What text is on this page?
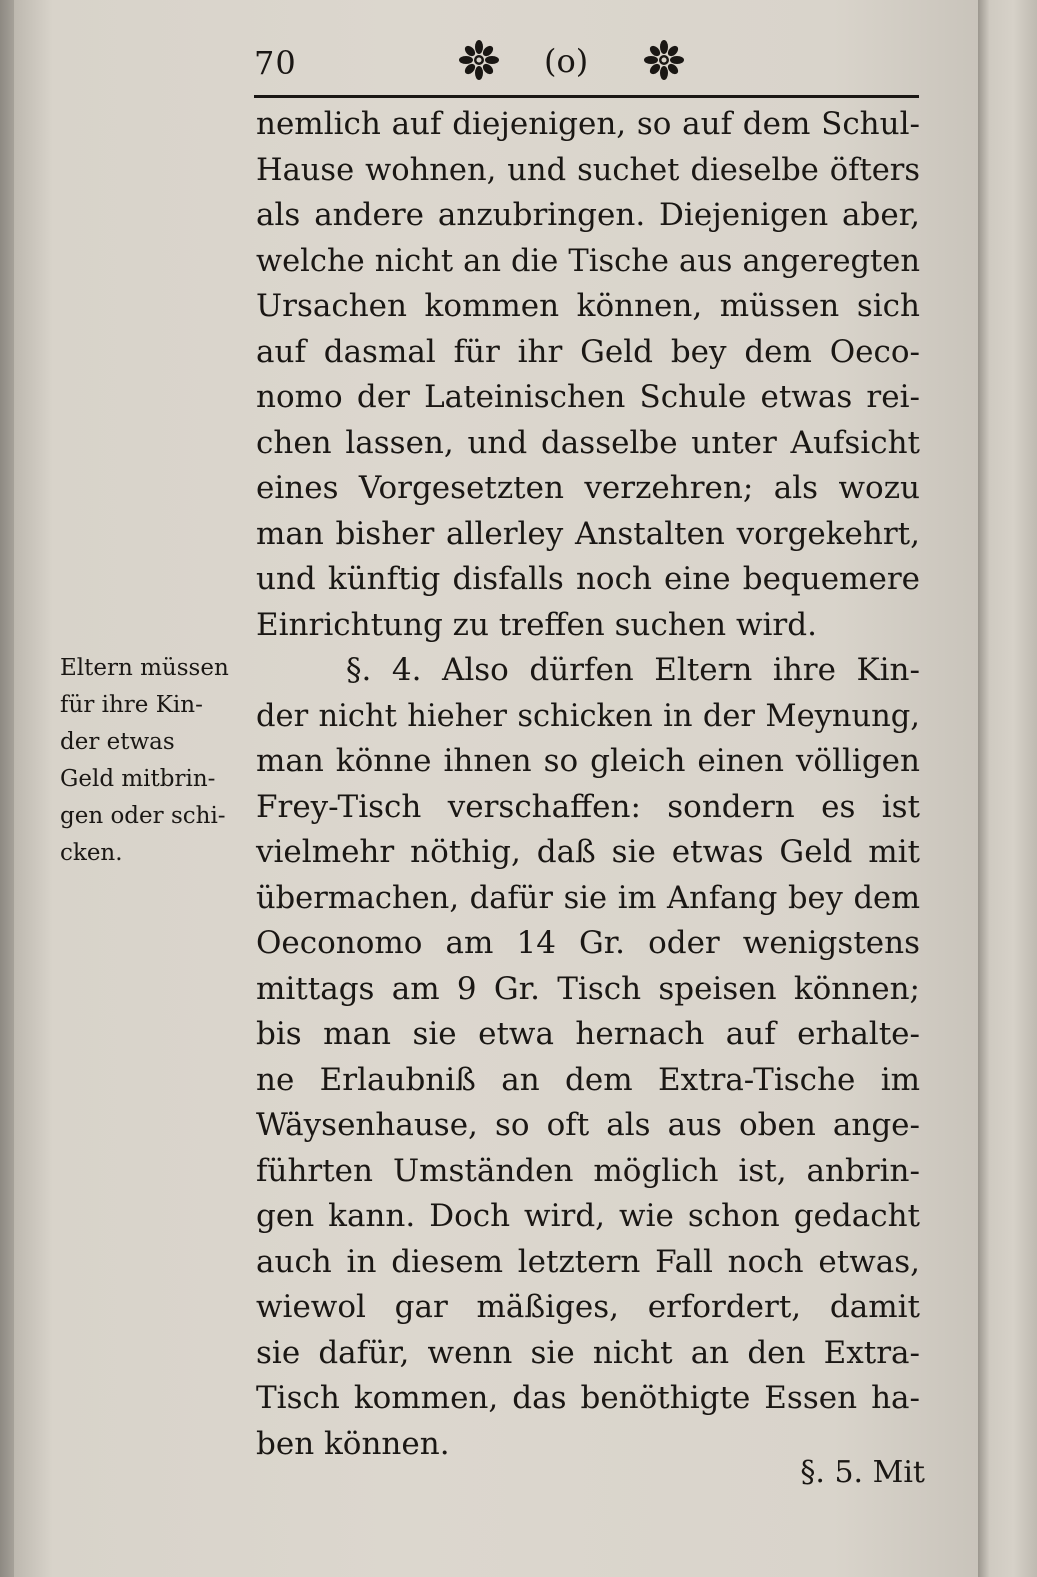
70	(o)
nemlich auf diejenigen, so auf dem Schul-
Hause wohnen, und suchet dieselbe öfters
als andere anzubringen. Diejenigen aber,
welche nicht an die Tische aus angeregten
Ursachen kommen können, müssen sich
auf dasmal für ihr Geld bey dem Oeco-
nomo der Lateinischen Schule etwas rei-
chen lassen, und dasselbe unter Aufsicht
eines Vorgesetzten verzehren; als wozu
man bisher allerley Anstalten vorgekehrt,
und künftig disfalls noch eine bequemere
Einrichtung zu treffen suchen wird.
§. 4. Also dürfen Eltern ihre Kin-
der nicht hieher schicken in der Meynung,
man könne ihnen so gleich einen völligen
Frey-Tisch verschaffen: sondern es ist
vielmehr nöthig, daß sie etwas Geld mit
übermachen, dafür sie im Anfang bey dem
Oeconomo am 14 Gr. oder wenigstens
mittags am 9 Gr. Tisch speisen können;
bis man sie etwa hernach auf erhalte-
ne Erlaubniß an dem Extra-Tische im
Wäysenhause, so oft als aus oben ange-
führten Umständen möglich ist, anbrin-
gen kann. Doch wird, wie schon gedacht
auch in diesem letztern Fall noch etwas,
wiewol gar mäßiges, erfordert, damit
sie dafür, wenn sie nicht an den Extra-
Tisch kommen, das benöthigte Essen ha-
ben können.
Eltern müssen
für ihre Kin-
der etwas
Geld mitbrin-
gen oder schi-
cken.
§. 5. Mit
